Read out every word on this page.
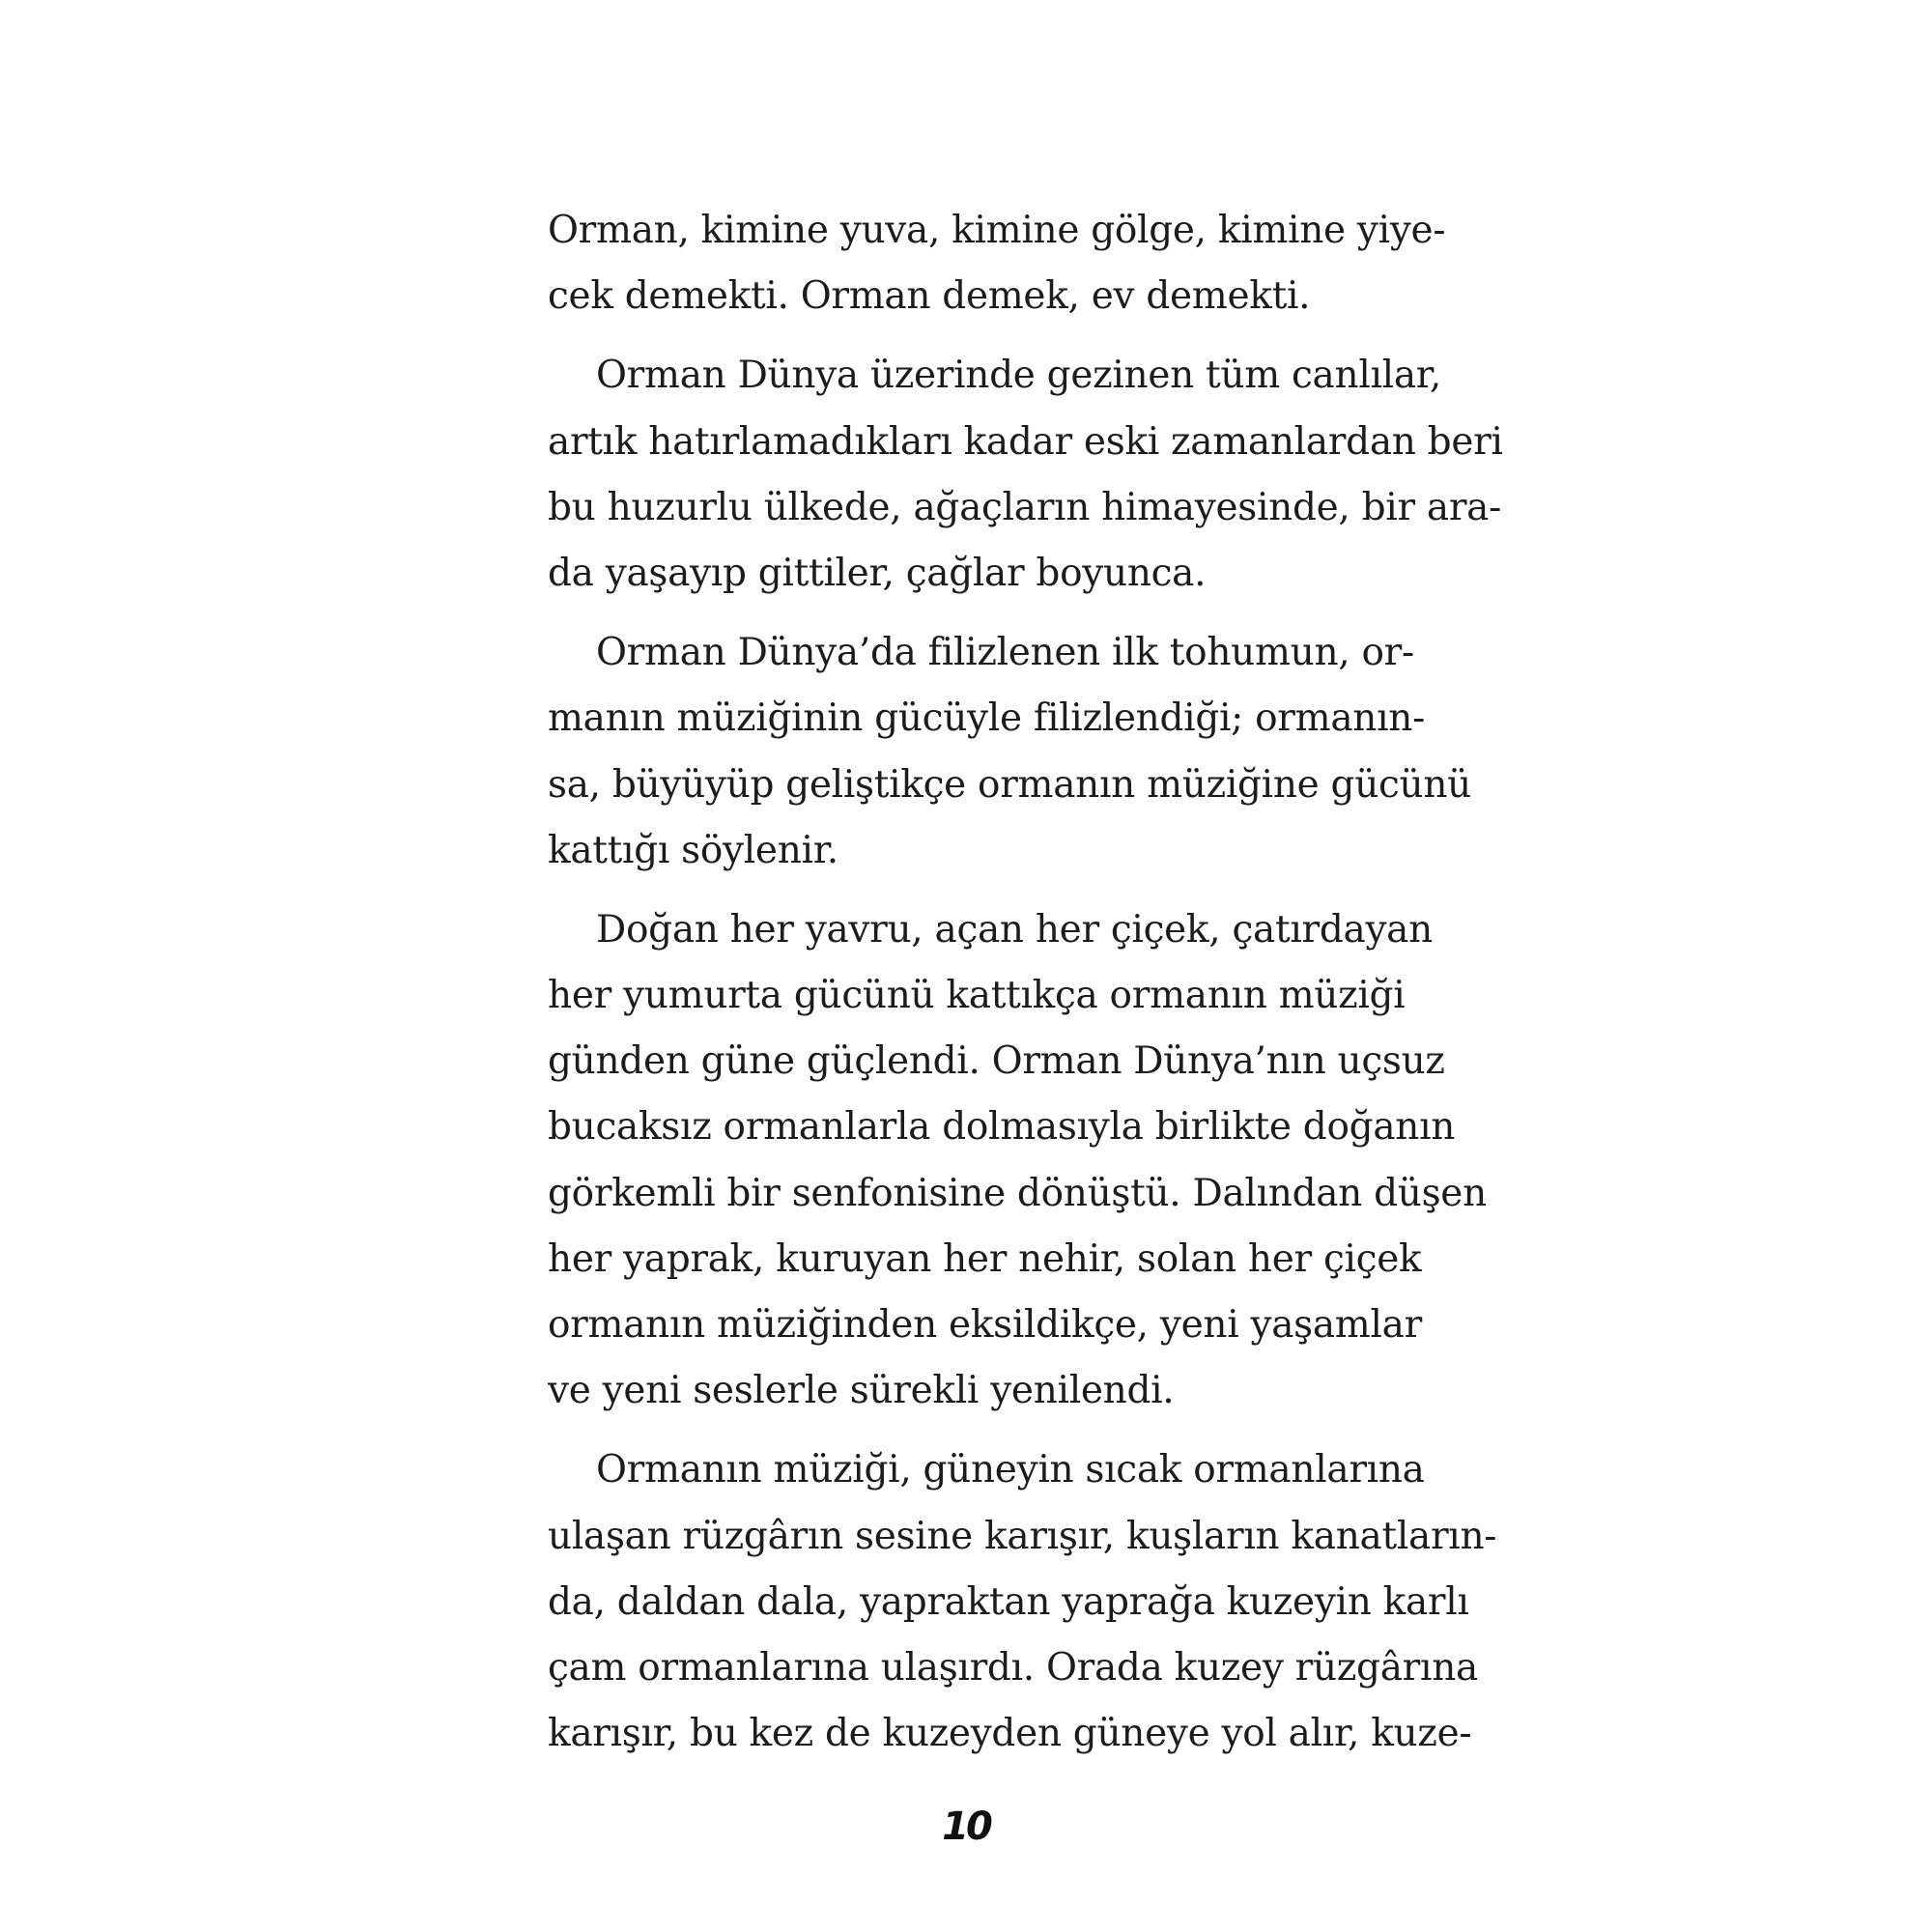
Orman, kimine yuva, kimine gölge, kimine yiye-
cek demekti. Orman demek, ev demekti.
Orman Dünya üzerinde gezinen tüm canlılar,
artık hatırlamadıkları kadar eski zamanlardan beri
bu huzurlu ülkede, ağaçların himayesinde, bir ara-
da yaşayıp gittiler, çağlar boyunca.
Orman Dünya’da filizlenen ilk tohumun, or-
manın müziğinin gücüyle filizlendiği; ormanın-
sa, büyüyüp geliştikçe ormanın müziğine gücünü
kattığı söylenir.
Doğan her yavru, açan her çiçek, çatırdayan
her yumurta gücünü kattıkça ormanın müziği
günden güne güçlendi. Orman Dünya’nın uçsuz
bucaksız ormanlarla dolmasıyla birlikte doğanın
görkemli bir senfonisine dönüştü. Dalından düşen
her yaprak, kuruyan her nehir, solan her çiçek
ormanın müziğinden eksildikçe, yeni yaşamlar
ve yeni seslerle sürekli yenilendi.
Ormanın müziği, güneyin sıcak ormanlarına
ulaşan rüzgârın sesine karışır, kuşların kanatların-
da, daldan dala, yapraktan yaprağa kuzeyin karlı
çam ormanlarına ulaşırdı. Orada kuzey rüzgârına
karışır, bu kez de kuzeyden güneye yol alır, kuze-
10
